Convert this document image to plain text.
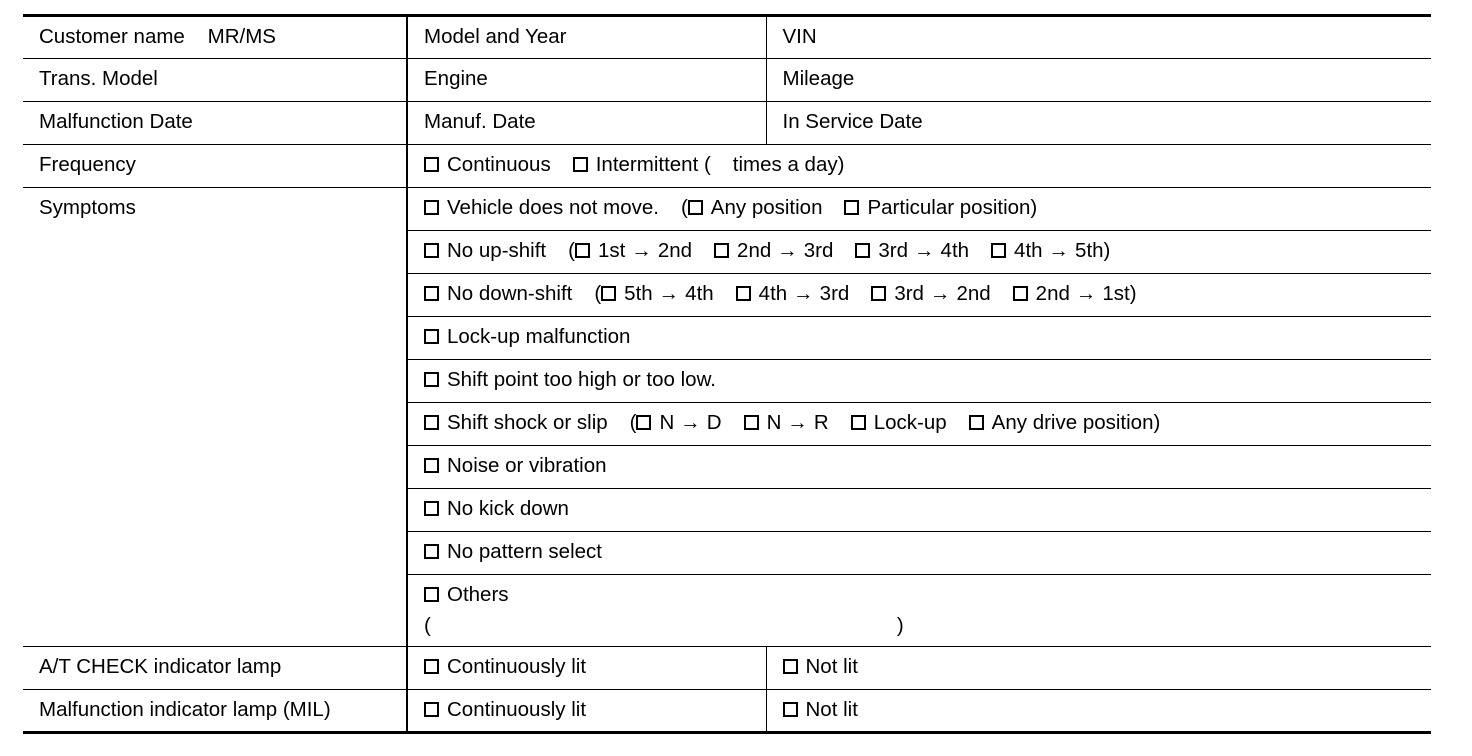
Customer name    MR/MS	Model and Year	VIN
Trans. Model	Engine	Mileage
Malfunction Date	Manuf. Date	In Service Date
Frequency	Continuous Intermittent ( times a day)	
Symptoms	Vehicle does not move. ( Any position Particular position)	
	No up-shift ( 1st → 2nd 2nd → 3rd 3rd → 4th 4th → 5th)	
	No down-shift ( 5th → 4th 4th → 3rd 3rd → 2nd 2nd → 1st)	
	Lock-up malfunction	
	Shift point too high or too low.	
	Shift shock or slip ( N → D N → R Lock-up Any drive position)	
	Noise or vibration	
	No kick down	
	No pattern select	

	Others
( )	

A/T CHECK indicator lamp	Continuously lit	Not lit
Malfunction indicator lamp (MIL)	Continuously lit	Not lit
